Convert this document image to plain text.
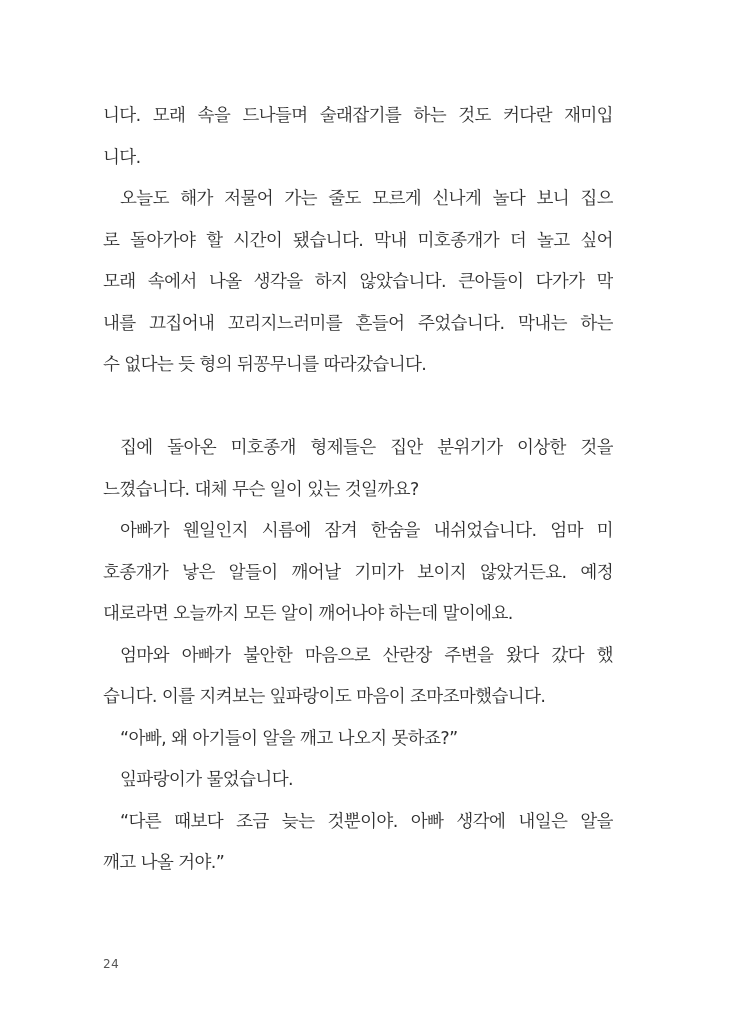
니다. 모래 속을 드나들며 술래잡기를 하는 것도 커다란 재미입
니다.
오늘도 해가 저물어 가는 줄도 모르게 신나게 놀다 보니 집으
로 돌아가야 할 시간이 됐습니다. 막내 미호종개가 더 놀고 싶어
모래 속에서 나올 생각을 하지 않았습니다. 큰아들이 다가가 막
내를 끄집어내 꼬리지느러미를 흔들어 주었습니다. 막내는 하는
수 없다는 듯 형의 뒤꽁무니를 따라갔습니다.
집에 돌아온 미호종개 형제들은 집안 분위기가 이상한 것을
느꼈습니다. 대체 무슨 일이 있는 것일까요?
아빠가 웬일인지 시름에 잠겨 한숨을 내쉬었습니다. 엄마 미
호종개가 낳은 알들이 깨어날 기미가 보이지 않았거든요. 예정
대로라면 오늘까지 모든 알이 깨어나야 하는데 말이에요.
엄마와 아빠가 불안한 마음으로 산란장 주변을 왔다 갔다 했
습니다. 이를 지켜보는 잎파랑이도 마음이 조마조마했습니다.
“아빠, 왜 아기들이 알을 깨고 나오지 못하죠?”
잎파랑이가 물었습니다.
“다른 때보다 조금 늦는 것뿐이야. 아빠 생각에 내일은 알을
깨고 나올 거야.”
24
